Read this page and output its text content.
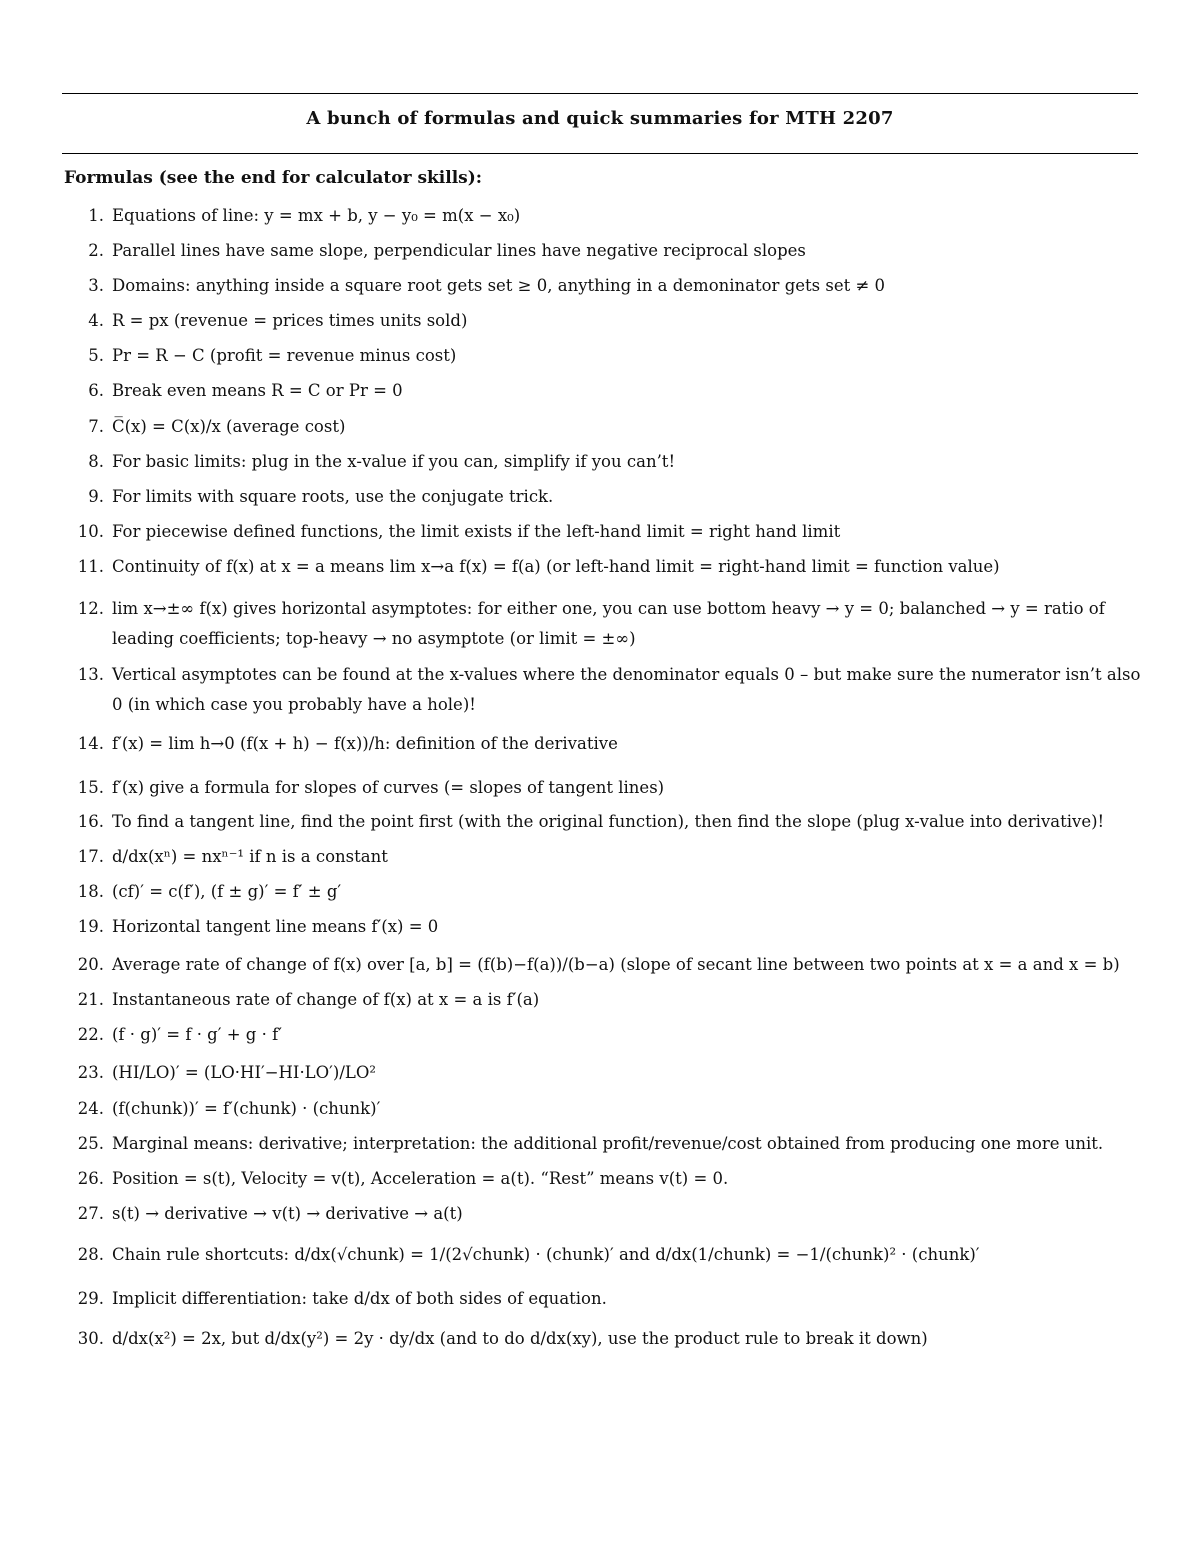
A bunch of formulas and quick summaries for MTH 2207
Formulas (see the end for calculator skills):
1. Equations of line: y = mx + b, y − y₀ = m(x − x₀)
2. Parallel lines have same slope, perpendicular lines have negative reciprocal slopes
3. Domains: anything inside a square root gets set ≥ 0, anything in a demoninator gets set ≠ 0
4. R = px (revenue = prices times units sold)
5. Pr = R − C (profit = revenue minus cost)
6. Break even means R = C or Pr = 0
7. C̅(x) = C(x)/x (average cost)
8. For basic limits: plug in the x-value if you can, simplify if you can’t!
9. For limits with square roots, use the conjugate trick.
10. For piecewise defined functions, the limit exists if the left-hand limit = right hand limit
11. Continuity of f(x) at x = a means lim x→a f(x) = f(a) (or left-hand limit = right-hand limit = function value)
12. lim x→±∞ f(x) gives horizontal asymptotes: for either one, you can use bottom heavy → y = 0; balanched → y = ratio of leading coefficients; top-heavy → no asymptote (or limit = ±∞)
13. Vertical asymptotes can be found at the x-values where the denominator equals 0 – but make sure the numerator isn’t also 0 (in which case you probably have a hole)!
14. f′(x) = lim h→0 (f(x + h) − f(x))/h: definition of the derivative
15. f′(x) give a formula for slopes of curves (= slopes of tangent lines)
16. To find a tangent line, find the point first (with the original function), then find the slope (plug x-value into derivative)!
17. d/dx(xⁿ) = nxⁿ⁻¹ if n is a constant
18. (cf)′ = c(f′), (f ± g)′ = f′ ± g′
19. Horizontal tangent line means f′(x) = 0
20. Average rate of change of f(x) over [a, b] = (f(b)−f(a))/(b−a) (slope of secant line between two points at x = a and x = b)
21. Instantaneous rate of change of f(x) at x = a is f′(a)
22. (f · g)′ = f · g′ + g · f′
23. (HI/LO)′ = (LO·HI′−HI·LO′)/LO²
24. (f(chunk))′ = f′(chunk) · (chunk)′
25. Marginal means: derivative; interpretation: the additional profit/revenue/cost obtained from producing one more unit.
26. Position = s(t), Velocity = v(t), Acceleration = a(t). “Rest” means v(t) = 0.
27. s(t) → derivative → v(t) → derivative → a(t)
28. Chain rule shortcuts: d/dx(√chunk) = 1/(2√chunk) · (chunk)′ and d/dx(1/chunk) = −1/(chunk)² · (chunk)′
29. Implicit differentiation: take d/dx of both sides of equation.
30. d/dx(x²) = 2x, but d/dx(y²) = 2y · dy/dx (and to do d/dx(xy), use the product rule to break it down)
